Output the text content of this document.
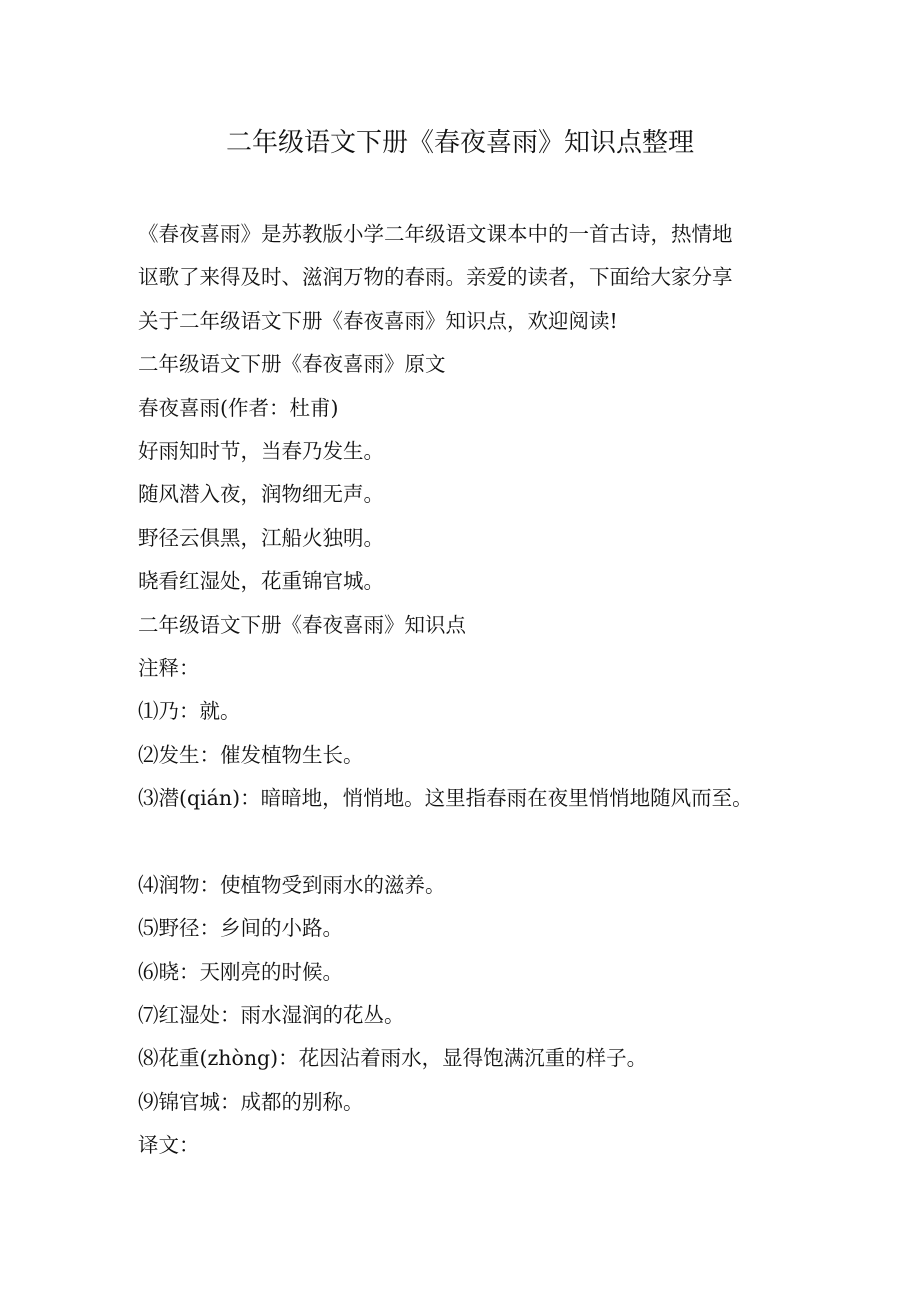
二年级语文下册《春夜喜雨》知识点整理
《春夜喜雨》是苏教版小学二年级语文课本中的一首古诗，热情地
讴歌了来得及时、滋润万物的春雨。亲爱的读者，下面给大家分享
关于二年级语文下册《春夜喜雨》知识点，欢迎阅读!
二年级语文下册《春夜喜雨》原文
春夜喜雨(作者：杜甫)
好雨知时节，当春乃发生。
随风潜入夜，润物细无声。
野径云俱黑，江船火独明。
晓看红湿处，花重锦官城。
二年级语文下册《春夜喜雨》知识点
注释：
⑴乃：就。
⑵发生：催发植物生长。
⑶潜(qián)：暗暗地，悄悄地。这里指春雨在夜里悄悄地随风而至。
⑷润物：使植物受到雨水的滋养。
⑸野径：乡间的小路。
⑹晓：天刚亮的时候。
⑺红湿处：雨水湿润的花丛。
⑻花重(zhòng)：花因沾着雨水，显得饱满沉重的样子。
⑼锦官城：成都的别称。
译文：
